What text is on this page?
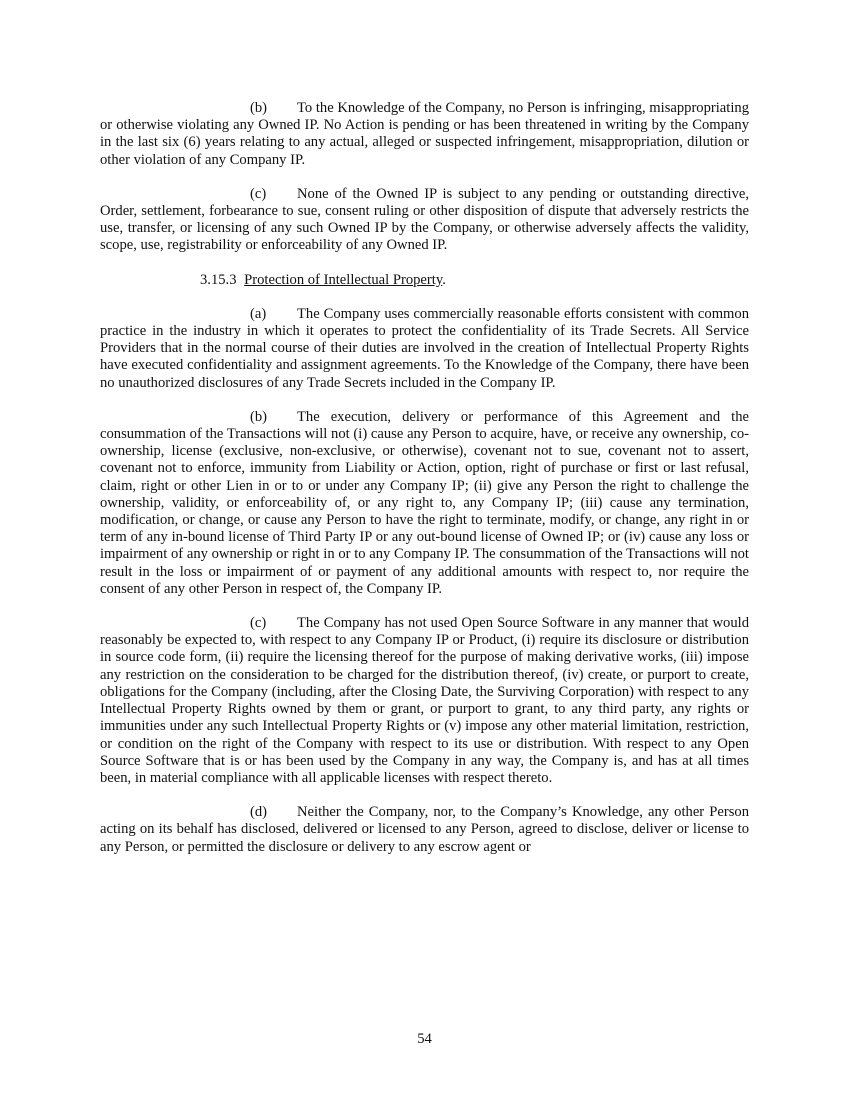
(b) To the Knowledge of the Company, no Person is infringing, misappropriating or otherwise violating any Owned IP. No Action is pending or has been threatened in writing by the Company in the last six (6) years relating to any actual, alleged or suspected infringement, misappropriation, dilution or other violation of any Company IP.

(c) None of the Owned IP is subject to any pending or outstanding directive, Order, settlement, forbearance to sue, consent ruling or other disposition of dispute that adversely restricts the use, transfer, or licensing of any such Owned IP by the Company, or otherwise adversely affects the validity, scope, use, registrability or enforceability of any Owned IP.

3.15.3 Protection of Intellectual Property.

(a) The Company uses commercially reasonable efforts consistent with common practice in the industry in which it operates to protect the confidentiality of its Trade Secrets. All Service Providers that in the normal course of their duties are involved in the creation of Intellectual Property Rights have executed confidentiality and assignment agreements. To the Knowledge of the Company, there have been no unauthorized disclosures of any Trade Secrets included in the Company IP.

(b) The execution, delivery or performance of this Agreement and the consummation of the Transactions will not (i) cause any Person to acquire, have, or receive any ownership, co-ownership, license (exclusive, non-exclusive, or otherwise), covenant not to sue, covenant not to assert, covenant not to enforce, immunity from Liability or Action, option, right of purchase or first or last refusal, claim, right or other Lien in or to or under any Company IP; (ii) give any Person the right to challenge the ownership, validity, or enforceability of, or any right to, any Company IP; (iii) cause any termination, modification, or change, or cause any Person to have the right to terminate, modify, or change, any right in or term of any in-bound license of Third Party IP or any out-bound license of Owned IP; or (iv) cause any loss or impairment of any ownership or right in or to any Company IP. The consummation of the Transactions will not result in the loss or impairment of or payment of any additional amounts with respect to, nor require the consent of any other Person in respect of, the Company IP.

(c) The Company has not used Open Source Software in any manner that would reasonably be expected to, with respect to any Company IP or Product, (i) require its disclosure or distribution in source code form, (ii) require the licensing thereof for the purpose of making derivative works, (iii) impose any restriction on the consideration to be charged for the distribution thereof, (iv) create, or purport to create, obligations for the Company (including, after the Closing Date, the Surviving Corporation) with respect to any Intellectual Property Rights owned by them or grant, or purport to grant, to any third party, any rights or immunities under any such Intellectual Property Rights or (v) impose any other material limitation, restriction, or condition on the right of the Company with respect to its use or distribution. With respect to any Open Source Software that is or has been used by the Company in any way, the Company is, and has at all times been, in material compliance with all applicable licenses with respect thereto.

(d) Neither the Company, nor, to the Company’s Knowledge, any other Person acting on its behalf has disclosed, delivered or licensed to any Person, agreed to disclose, deliver or license to any Person, or permitted the disclosure or delivery to any escrow agent or

54
